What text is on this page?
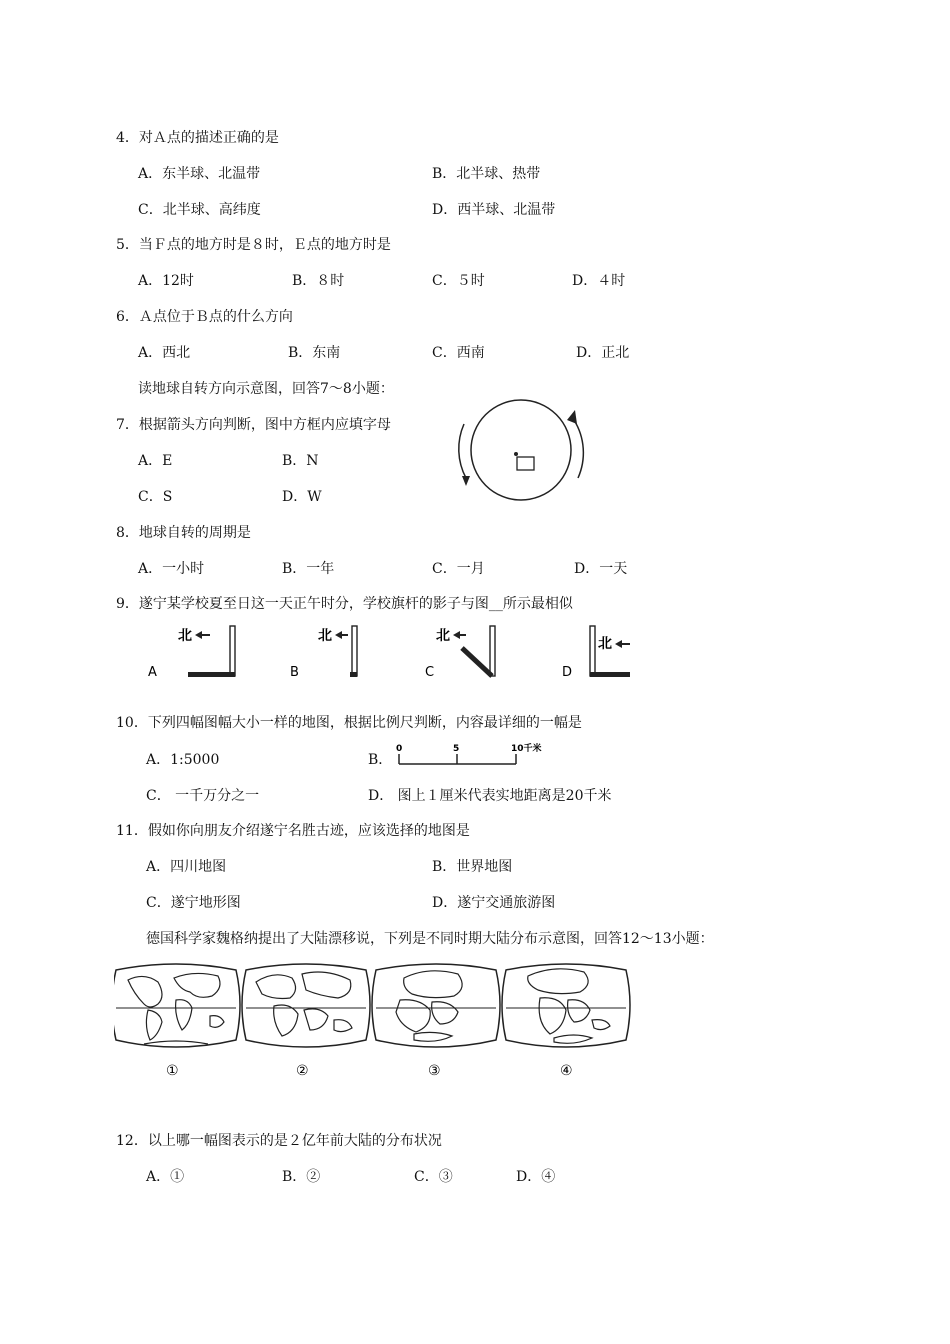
4．对Ａ点的描述正确的是
A．东半球、北温带	B．北半球、热带
C．北半球、高纬度	D．西半球、北温带
5．当Ｆ点的地方时是８时，Ｅ点的地方时是
A．12时	B．８时	C．５时	D．４时
6．Ａ点位于Ｂ点的什么方向
A．西北	B．东南	C．西南	D．正北
读地球自转方向示意图，回答7～8小题：
7．根据箭头方向判断，图中方框内应填字母
A．E	B．N
C．S	D．W
8．地球自转的周期是
A．一小时	B．一年	C．一月	D．一天
9．遂宁某学校夏至日这一天正午时分，学校旗杆的影子与图__所示最相似
北
A
北
B
北
C
北
D
10．下列四幅图幅大小一样的地图，根据比例尺判断，内容最详细的一幅是
A．1:5000	B．
0	5	10千米
C． 一千万分之一	D． 图上１厘米代表实地距离是20千米
11．假如你向朋友介绍遂宁名胜古迹，应该选择的地图是
A．四川地图	B．世界地图
C．遂宁地形图	D．遂宁交通旅游图
德国科学家魏格纳提出了大陆漂移说，下列是不同时期大陆分布示意图，回答12～13小题：
①	②	③	④
12．以上哪一幅图表示的是２亿年前大陆的分布状况
A．①	B．②	C．③	D．④
